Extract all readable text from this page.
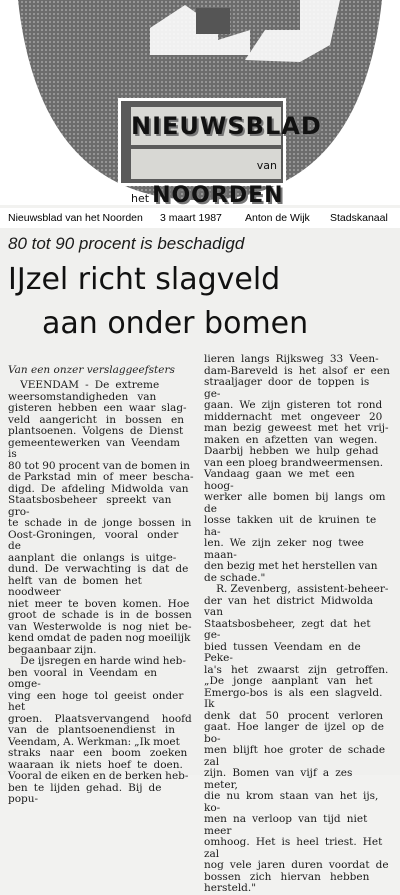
NIEUWSBLAD
van het NOORDEN
Nieuwsblad van het Noorden 3 maart 1987 Anton de Wijk Stadskanaal
80 tot 90 procent is beschadigd
IJzel richt slagveld
aan onder bomen
Van een onzer verslaggeefsters
VEENDAM  -  De  extreme
weersomstandigheden   van
gisteren  hebben  een  waar  slag-
veld   aangericht   in   bossen   en
plantsoenen.  Volgens  de  Dienst
gemeentewerken  van  Veendam  is
80 tot 90 procent van de bomen in
de Parkstad  min  of  meer  bescha-
digd.  De  afdeling  Midwolda  van
Staatsbosbeheer   spreekt  van  gro-
te  schade  in  de  jonge  bossen  in
Oost-Groningen,   vooral   onder   de
aanplant  die  onlangs  is  uitge-
dund.  De  verwachting  is  dat  de
helft  van  de  bomen  het  noodweer
niet  meer  te  boven  komen.  Hoe
groot  de  schade  is  in  de  bossen
van  Westerwolde  is  nog  niet  be-
kend omdat de paden nog moeilijk
begaanbaar zijn.
De ijsregen en harde wind heb-
ben  vooral  in  Veendam  en  omge-
ving  een  hoge  tol  geeist  onder  het
groen.    Plaatsvervangend    hoofd
van   de   plantsoenendienst   in
Veendam, A. Werkman: „Ik moet
straks   naar   een   boom   zoeken
waaraan  ik  niets  hoef  te  doen.
Vooral de eiken en de berken heb-
ben  te  lijden  gehad.  Bij  de  popu-
lieren  langs  Rijksweg  33  Veen-
dam-Bareveld  is  het  alsof  er  een
straaljager  door  de  toppen  is  ge-
gaan.  We  zijn  gisteren  tot  rond
middernacht   met   ongeveer   20
man  bezig  geweest  met  het  vrij-
maken  en  afzetten  van  wegen.
Daarbij  hebben  we  hulp  gehad
van een ploeg brandweermensen.
Vandaag  gaan  we  met  een  hoog-
werker  alle  bomen  bij  langs  om  de
losse  takken  uit  de  kruinen  te  ha-
len.  We  zijn  zeker  nog  twee  maan-
den bezig met het herstellen van
de schade."
R. Zevenberg,  assistent-beheer-
der  van  het  district  Midwolda  van
Staatsbosbeheer,  zegt  dat  het  ge-
bied  tussen  Veendam  en  de  Peke-
la's   het   zwaarst   zijn   getroffen.
„De   jonge   aanplant   van   het
Emergo-bos  is  als  een  slagveld.  Ik
denk   dat   50   procent   verloren
gaat.  Hoe  langer  de  ijzel  op  de  bo-
men  blijft  hoe  groter  de  schade  zal
zijn.  Bomen  van  vijf  a  zes  meter,
die  nu  krom  staan  van  het  ijs,  ko-
men  na  verloop  van  tijd  niet  meer
omhoog.  Het  is  heel  triest.  Het  zal
nog  vele  jaren  duren  voordat  de
bossen   zich   hiervan   hebben
hersteld."
